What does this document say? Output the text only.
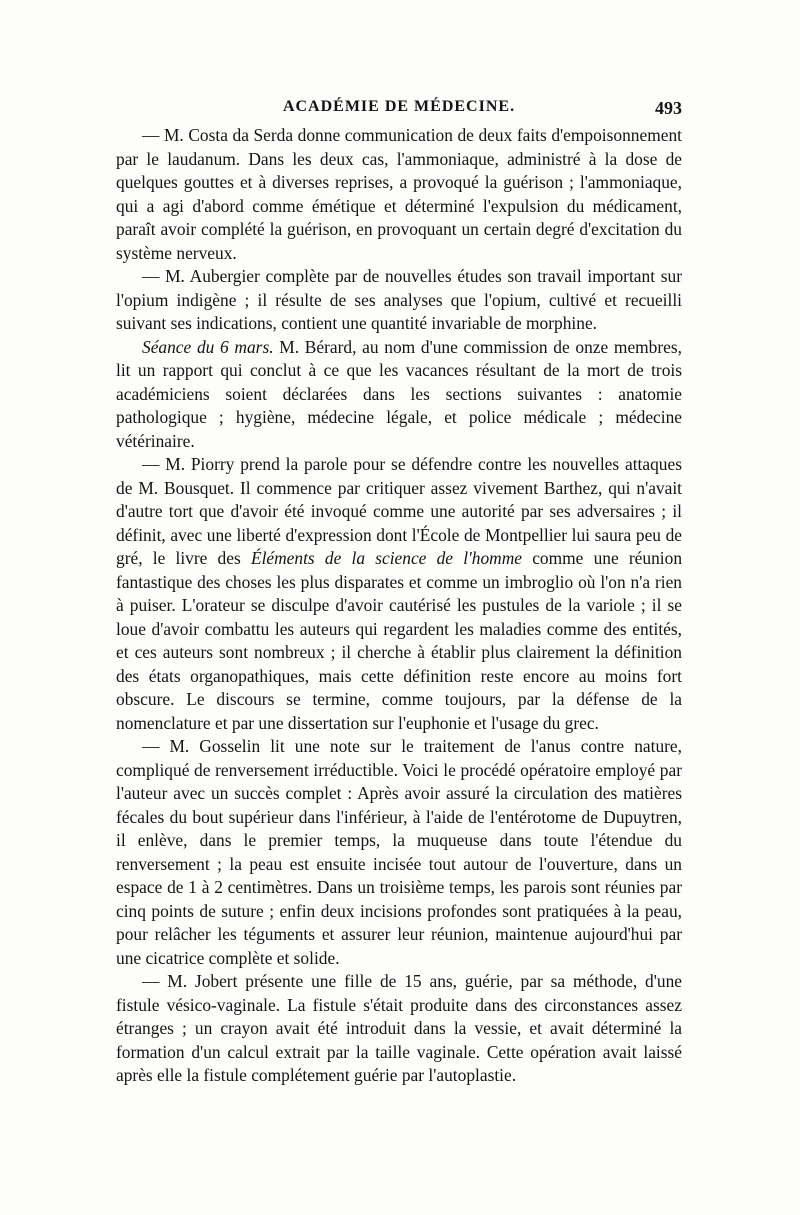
ACADÉMIE DE MÉDECINE.	493

— M. Costa da Serda donne communication de deux faits d'empoisonnement par le laudanum. Dans les deux cas, l'ammoniaque, administré à la dose de quelques gouttes et à diverses reprises, a provoqué la guérison ; l'ammoniaque, qui a agi d'abord comme émétique et déterminé l'expulsion du médicament, paraît avoir complété la guérison, en provoquant un certain degré d'excitation du système nerveux.

— M. Aubergier complète par de nouvelles études son travail important sur l'opium indigène ; il résulte de ses analyses que l'opium, cultivé et recueilli suivant ses indications, contient une quantité invariable de morphine.

Séance du 6 mars. M. Bérard, au nom d'une commission de onze membres, lit un rapport qui conclut à ce que les vacances résultant de la mort de trois académiciens soient déclarées dans les sections suivantes : anatomie pathologique ; hygiène, médecine légale, et police médicale ; médecine vétérinaire.

— M. Piorry prend la parole pour se défendre contre les nouvelles attaques de M. Bousquet. Il commence par critiquer assez vivement Barthez, qui n'avait d'autre tort que d'avoir été invoqué comme une autorité par ses adversaires ; il définit, avec une liberté d'expression dont l'École de Montpellier lui saura peu de gré, le livre des Éléments de la science de l'homme comme une réunion fantastique des choses les plus disparates et comme un imbroglio où l'on n'a rien à puiser. L'orateur se disculpe d'avoir cautérisé les pustules de la variole ; il se loue d'avoir combattu les auteurs qui regardent les maladies comme des entités, et ces auteurs sont nombreux ; il cherche à établir plus clairement la définition des états organopathiques, mais cette définition reste encore au moins fort obscure. Le discours se termine, comme toujours, par la défense de la nomenclature et par une dissertation sur l'euphonie et l'usage du grec.

— M. Gosselin lit une note sur le traitement de l'anus contre nature, compliqué de renversement irréductible. Voici le procédé opératoire employé par l'auteur avec un succès complet : Après avoir assuré la circulation des matières fécales du bout supérieur dans l'inférieur, à l'aide de l'entérotome de Dupuytren, il enlève, dans le premier temps, la muqueuse dans toute l'étendue du renversement ; la peau est ensuite incisée tout autour de l'ouverture, dans un espace de 1 à 2 centimètres. Dans un troisième temps, les parois sont réunies par cinq points de suture ; enfin deux incisions profondes sont pratiquées à la peau, pour relâcher les téguments et assurer leur réunion, maintenue aujourd'hui par une cicatrice complète et solide.

— M. Jobert présente une fille de 15 ans, guérie, par sa méthode, d'une fistule vésico-vaginale. La fistule s'était produite dans des circonstances assez étranges ; un crayon avait été introduit dans la vessie, et avait déterminé la formation d'un calcul extrait par la taille vaginale. Cette opération avait laissé après elle la fistule complétement guérie par l'autoplastie.
